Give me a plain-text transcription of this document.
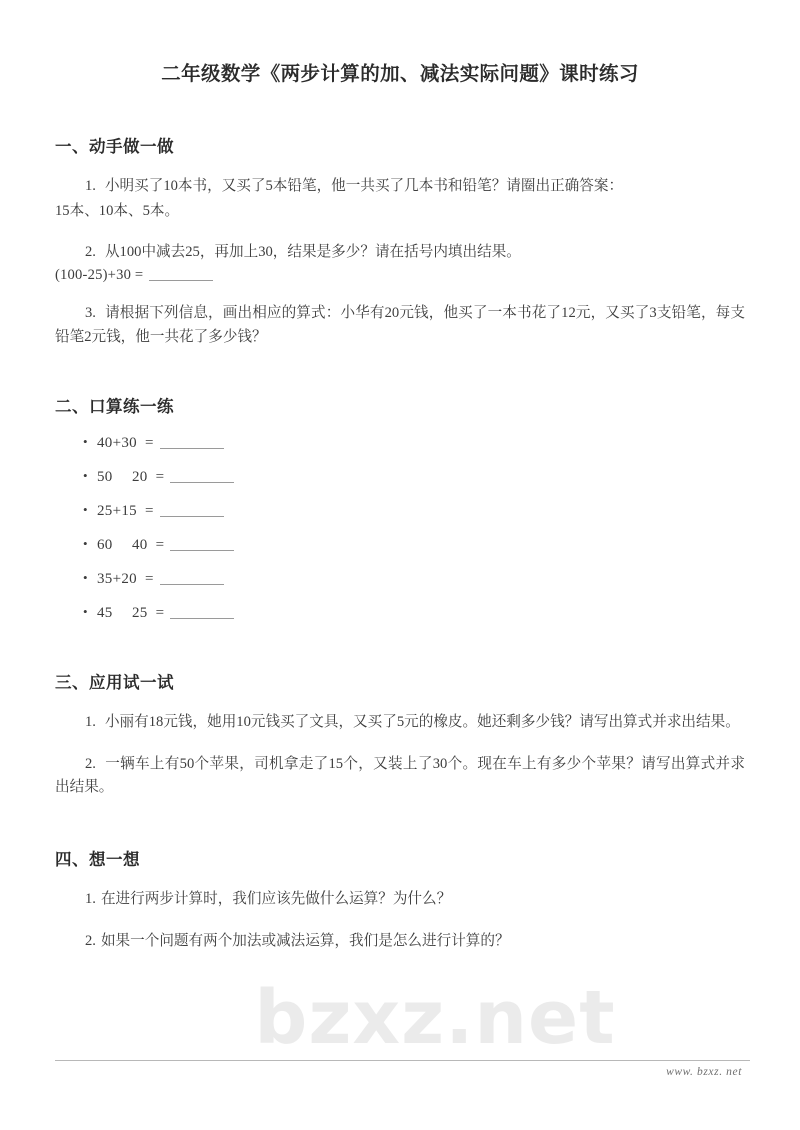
bzxz.net
二年级数学《两步计算的加、减法实际问题》课时练习
一、动手做一做
1. 小明买了10本书，又买了5本铅笔，他一共买了几本书和铅笔？请圈出正确答案：
15本、10本、5本。
2. 从100中减去25，再加上30，结果是多少？请在括号内填出结果。
(100-25)+30 =
3. 请根据下列信息，画出相应的算式：小华有20元钱，他买了一本书花了12元，又买了3支铅笔，每支铅笔2元钱，他一共花了多少钱？
二、口算练一练
• 40+30 =
• 50  20 =
• 25+15 =
• 60  40 =
• 35+20 =
• 45  25 =
三、应用试一试
1. 小丽有18元钱，她用10元钱买了文具，又买了5元的橡皮。她还剩多少钱？请写出算式并求出结果。
2. 一辆车上有50个苹果，司机拿走了15个，又装上了30个。现在车上有多少个苹果？请写出算式并求出结果。
四、想一想
1. 在进行两步计算时，我们应该先做什么运算？为什么？
2. 如果一个问题有两个加法或减法运算，我们是怎么进行计算的？
www. bzxz. net
